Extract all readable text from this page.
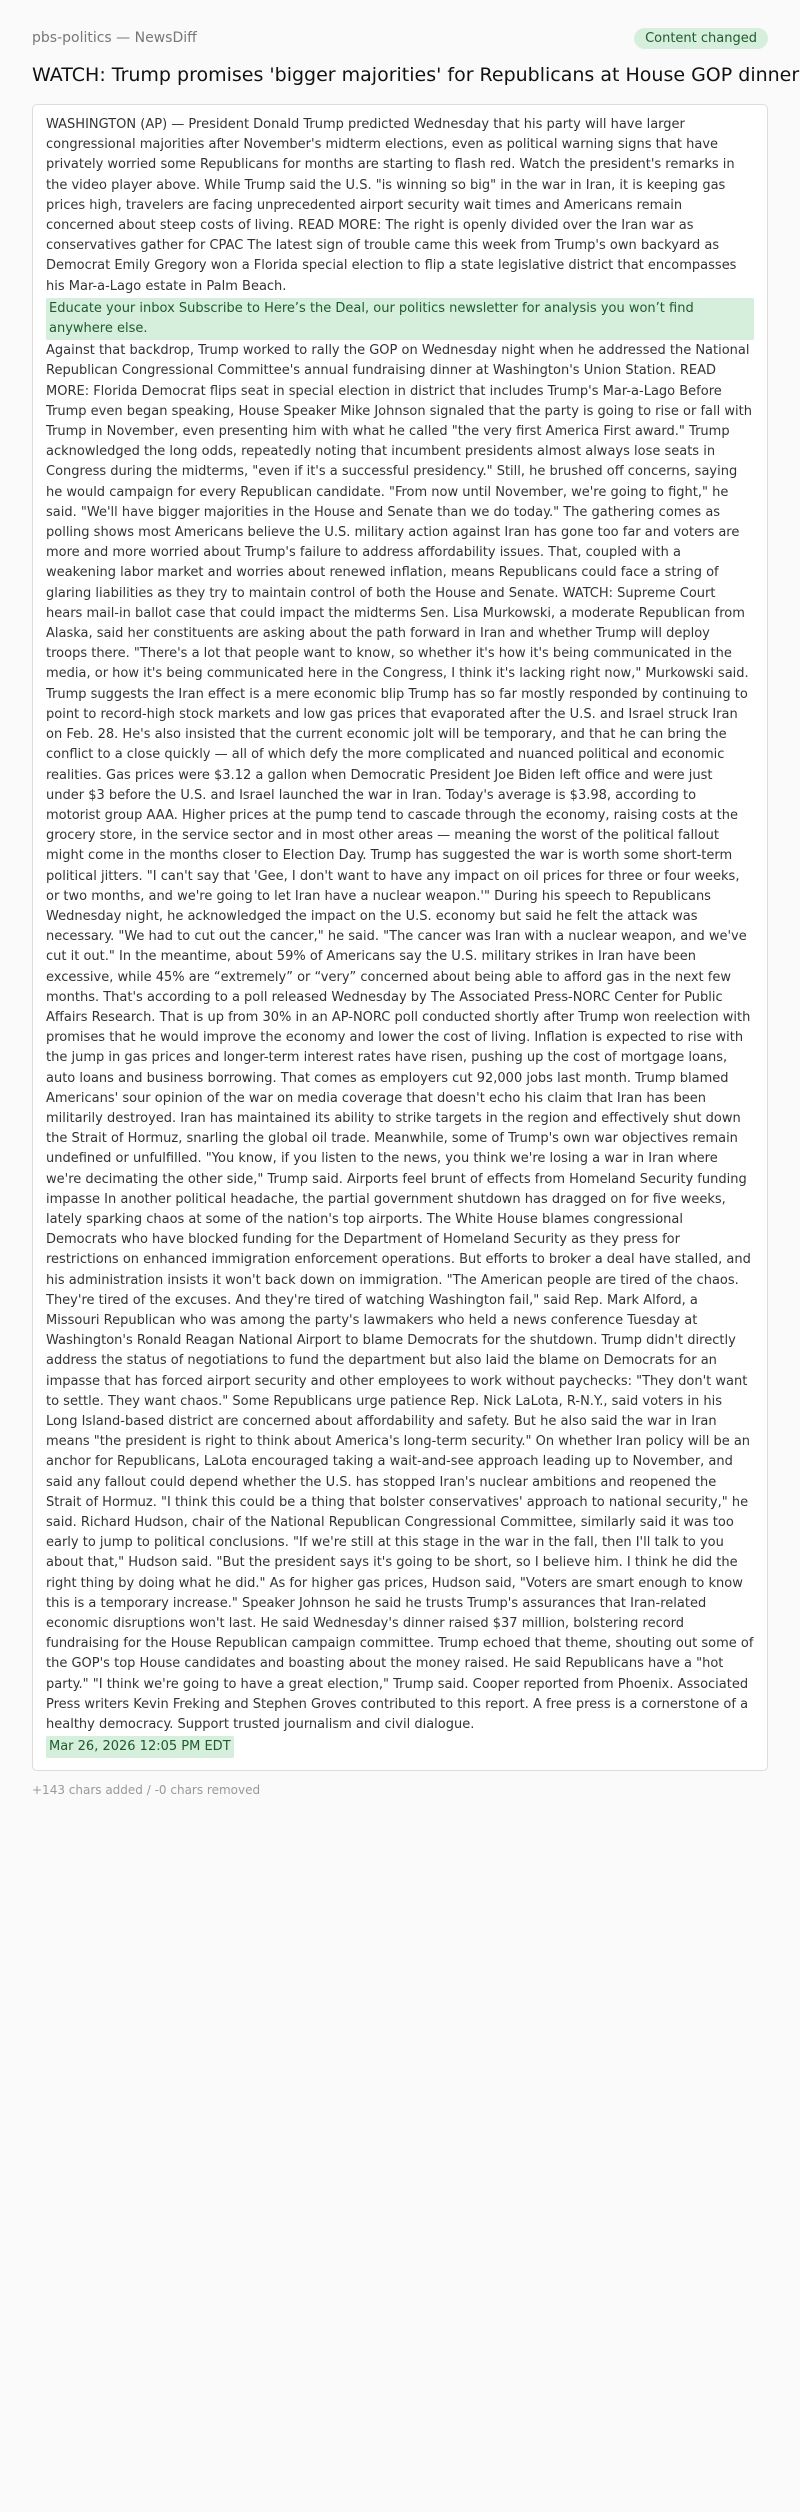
pbs-politics — NewsDiff	Content changed
WATCH: Trump promises 'bigger majorities' for Republicans at House GOP dinner

WASHINGTON (AP) — President Donald Trump predicted Wednesday that his party will have larger congressional majorities after November's midterm elections, even as political warning signs that have privately worried some Republicans for months are starting to flash red. Watch the president's remarks in the video player above. While Trump said the U.S. "is winning so big" in the war in Iran, it is keeping gas prices high, travelers are facing unprecedented airport security wait times and Americans remain concerned about steep costs of living. READ MORE: The right is openly divided over the Iran war as conservatives gather for CPAC The latest sign of trouble came this week from Trump's own backyard as Democrat Emily Gregory won a Florida special election to flip a state legislative district that encompasses his Mar-a-Lago estate in Palm Beach.

Educate your inbox Subscribe to Here’s the Deal, our politics newsletter for analysis you won’t find anywhere else.

Against that backdrop, Trump worked to rally the GOP on Wednesday night when he addressed the National Republican Congressional Committee's annual fundraising dinner at Washington's Union Station. READ MORE: Florida Democrat flips seat in special election in district that includes Trump's Mar-a-Lago Before Trump even began speaking, House Speaker Mike Johnson signaled that the party is going to rise or fall with Trump in November, even presenting him with what he called "the very first America First award." Trump acknowledged the long odds, repeatedly noting that incumbent presidents almost always lose seats in Congress during the midterms, "even if it's a successful presidency." Still, he brushed off concerns, saying he would campaign for every Republican candidate. "From now until November, we're going to fight," he said. "We'll have bigger majorities in the House and Senate than we do today." The gathering comes as polling shows most Americans believe the U.S. military action against Iran has gone too far and voters are more and more worried about Trump's failure to address affordability issues. That, coupled with a weakening labor market and worries about renewed inflation, means Republicans could face a string of glaring liabilities as they try to maintain control of both the House and Senate. WATCH: Supreme Court hears mail-in ballot case that could impact the midterms Sen. Lisa Murkowski, a moderate Republican from Alaska, said her constituents are asking about the path forward in Iran and whether Trump will deploy troops there. "There's a lot that people want to know, so whether it's how it's being communicated in the media, or how it's being communicated here in the Congress, I think it's lacking right now," Murkowski said. Trump suggests the Iran effect is a mere economic blip Trump has so far mostly responded by continuing to point to record-high stock markets and low gas prices that evaporated after the U.S. and Israel struck Iran on Feb. 28. He's also insisted that the current economic jolt will be temporary, and that he can bring the conflict to a close quickly — all of which defy the more complicated and nuanced political and economic realities. Gas prices were $3.12 a gallon when Democratic President Joe Biden left office and were just under $3 before the U.S. and Israel launched the war in Iran. Today's average is $3.98, according to motorist group AAA. Higher prices at the pump tend to cascade through the economy, raising costs at the grocery store, in the service sector and in most other areas — meaning the worst of the political fallout might come in the months closer to Election Day. Trump has suggested the war is worth some short-term political jitters. "I can't say that 'Gee, I don't want to have any impact on oil prices for three or four weeks, or two months, and we're going to let Iran have a nuclear weapon.'" During his speech to Republicans Wednesday night, he acknowledged the impact on the U.S. economy but said he felt the attack was necessary. "We had to cut out the cancer," he said. "The cancer was Iran with a nuclear weapon, and we've cut it out." In the meantime, about 59% of Americans say the U.S. military strikes in Iran have been excessive, while 45% are “extremely” or “very” concerned about being able to afford gas in the next few months. That's according to a poll released Wednesday by The Associated Press-NORC Center for Public Affairs Research. That is up from 30% in an AP-NORC poll conducted shortly after Trump won reelection with promises that he would improve the economy and lower the cost of living. Inflation is expected to rise with the jump in gas prices and longer-term interest rates have risen, pushing up the cost of mortgage loans, auto loans and business borrowing. That comes as employers cut 92,000 jobs last month. Trump blamed Americans' sour opinion of the war on media coverage that doesn't echo his claim that Iran has been militarily destroyed. Iran has maintained its ability to strike targets in the region and effectively shut down the Strait of Hormuz, snarling the global oil trade. Meanwhile, some of Trump's own war objectives remain undefined or unfulfilled. "You know, if you listen to the news, you think we're losing a war in Iran where we're decimating the other side," Trump said. Airports feel brunt of effects from Homeland Security funding impasse In another political headache, the partial government shutdown has dragged on for five weeks, lately sparking chaos at some of the nation's top airports. The White House blames congressional Democrats who have blocked funding for the Department of Homeland Security as they press for restrictions on enhanced immigration enforcement operations. But efforts to broker a deal have stalled, and his administration insists it won't back down on immigration. "The American people are tired of the chaos. They're tired of the excuses. And they're tired of watching Washington fail," said Rep. Mark Alford, a Missouri Republican who was among the party's lawmakers who held a news conference Tuesday at Washington's Ronald Reagan National Airport to blame Democrats for the shutdown. Trump didn't directly address the status of negotiations to fund the department but also laid the blame on Democrats for an impasse that has forced airport security and other employees to work without paychecks: "They don't want to settle. They want chaos." Some Republicans urge patience Rep. Nick LaLota, R-N.Y., said voters in his Long Island-based district are concerned about affordability and safety. But he also said the war in Iran means "the president is right to think about America's long-term security." On whether Iran policy will be an anchor for Republicans, LaLota encouraged taking a wait-and-see approach leading up to November, and said any fallout could depend whether the U.S. has stopped Iran's nuclear ambitions and reopened the Strait of Hormuz. "I think this could be a thing that bolster conservatives' approach to national security," he said. Richard Hudson, chair of the National Republican Congressional Committee, similarly said it was too early to jump to political conclusions. "If we're still at this stage in the war in the fall, then I'll talk to you about that," Hudson said. "But the president says it's going to be short, so I believe him. I think he did the right thing by doing what he did." As for higher gas prices, Hudson said, "Voters are smart enough to know this is a temporary increase." Speaker Johnson he said he trusts Trump's assurances that Iran-related economic disruptions won't last. He said Wednesday's dinner raised $37 million, bolstering record fundraising for the House Republican campaign committee. Trump echoed that theme, shouting out some of the GOP's top House candidates and boasting about the money raised. He said Republicans have a "hot party." "I think we're going to have a great election," Trump said. Cooper reported from Phoenix. Associated Press writers Kevin Freking and Stephen Groves contributed to this report. A free press is a cornerstone of a healthy democracy. Support trusted journalism and civil dialogue.

Mar 26, 2026 12:05 PM EDT
+143 chars added / -0 chars removed
